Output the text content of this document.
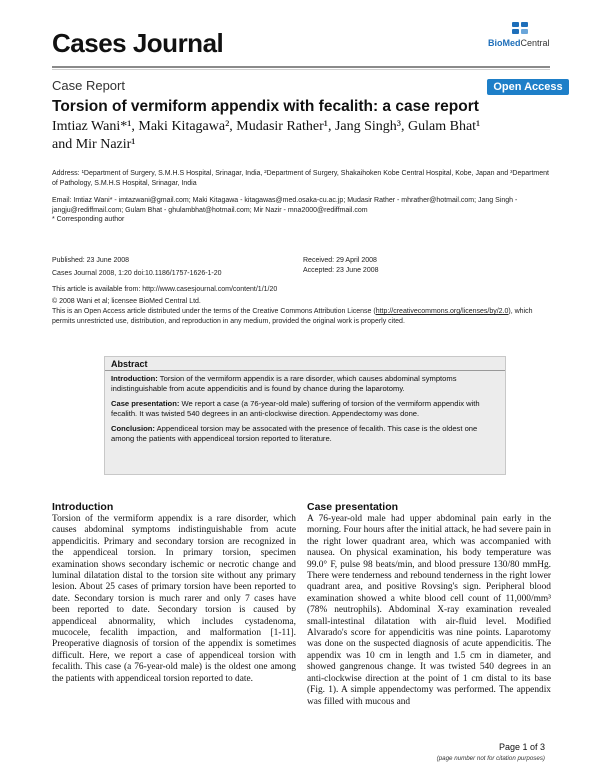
Cases Journal	BioMedCentral
Case Report	Open Access
Torsion of vermiform appendix with fecalith: a case report
Imtiaz Wani*¹, Maki Kitagawa², Mudasir Rather¹, Jang Singh³, Gulam Bhat¹
and Mir Nazir¹
Address: ¹Department of Surgery, S.M.H.S Hospital, Srinagar, India, ²Department of Surgery, Shakaihoken Kobe Central Hospital, Kobe, Japan and ³Department of Pathology, S.M.H.S Hospital, Srinagar, India
Email: Imtiaz Wani* - imtazwani@gmail.com; Maki Kitagawa - kitagawas@med.osaka-cu.ac.jp; Mudasir Rather - mhrather@hotmail.com; Jang Singh - jangju@rediffmail.com; Gulam Bhat - ghulambhat@hotmail.com; Mir Nazir - mna2000@rediffmail.com
* Corresponding author
Published: 23 June 2008
Cases Journal 2008, 1:20 doi:10.1186/1757-1626-1-20
Received: 29 April 2008
Accepted: 23 June 2008
This article is available from: http://www.casesjournal.com/content/1/1/20
© 2008 Wani et al; licensee BioMed Central Ltd.
This is an Open Access article distributed under the terms of the Creative Commons Attribution License (http://creativecommons.org/licenses/by/2.0), which permits unrestricted use, distribution, and reproduction in any medium, provided the original work is properly cited.
Abstract

Introduction: Torsion of the vermiform appendix is a rare disorder, which causes abdominal symptoms indistinguishable from acute appendicitis and is found by chance during the laparotomy.

Case presentation: We report a case (a 76-year-old male) suffering of torsion of the vermiform appendix with fecalith. It was twisted 540 degrees in an anti-clockwise direction. Appendectomy was done.

Conclusion: Appendiceal torsion may be assocated with the presence of fecalith. This case is the oldest one among the patients with appendiceal torsion reported to literature.

Introduction

Torsion of the vermiform appendix is a rare disorder, which causes abdominal symptoms indistinguishable from acute appendicitis. Primary and secondary torsion are recognized in the appendiceal torsion. In primary torsion, specimen examination shows secondary ischemic or necrotic change and luminal dilatation distal to the torsion site without any primary lesion. About 25 cases of primary torsion have been reported to date. Secondary torsion is much rarer and only 7 cases have been reported to date. Secondary torsion is caused by appendiceal abnormality, which includes cystadenoma, mucocele, fecalith impaction, and malformation [1-11]. Preoperative diagnosis of torsion of the appendix is sometimes difficult. Here, we report a case of appendiceal torsion with fecalith. This case (a 76-year-old male) is the oldest one among the patients with appendiceal torsion reported to date.

Case presentation

A 76-year-old male had upper abdominal pain early in the morning. Four hours after the initial attack, he had severe pain in the right lower quadrant area, which was accompanied with nausea. On physical examination, his body temperature was 99.0° F, pulse 98 beats/min, and blood pressure 130/80 mmHg. There were tenderness and rebound tenderness in the right lower quadrant area, and positive Rovsing's sign. Peripheral blood examination showed a white blood cell count of 11,000/mm³ (78% neutrophils). Abdominal X-ray examination revealed small-intestinal dilatation with air-fluid level. Modified Alvarado's score for appendicitis was nine points. Laparotomy was done on the suspected diagnosis of acute appendicitis. The appendix was 10 cm in length and 1.5 cm in diameter, and showed gangrenous change. It was twisted 540 degrees in an anti-clockwise direction at the point of 1 cm distal to its base (Fig. 1). A simple appendectomy was performed. The appendix was filled with mucous and

Page 1 of 3
(page number not for citation purposes)
